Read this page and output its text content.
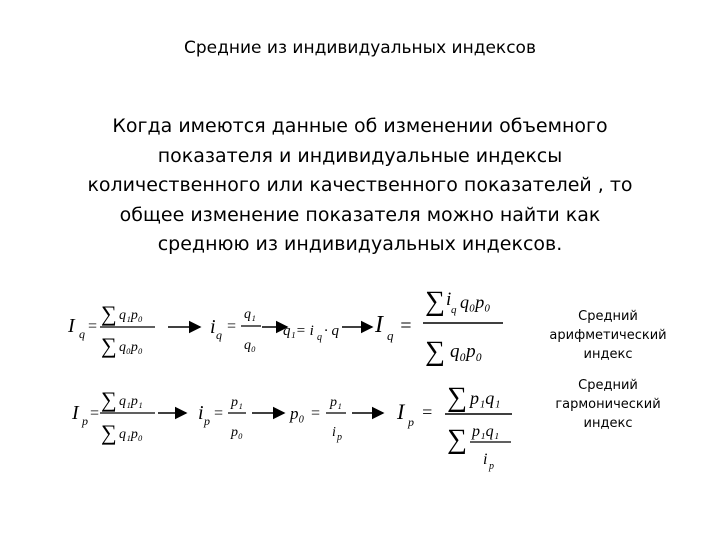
Средние из индивидуальных индексов
Когда имеются данные об изменении объемного
показателя и индивидуальные индексы
количественного или качественного показателей , то
общее изменение показателя можно найти как
среднюю из индивидуальных индексов.
I q =
∑ q₁p₀
∑ q₀p₀
i q =
q₁
q₀
q₁= i q · q I q =
∑ i q q₀p₀
∑ q₀p₀
I p =
∑ q₁p₁
∑ q₁p₀
i p =
p₁
p₀
p₀ =
p₁
i p
I p = ∑ p₁q₁
∑ p₁q₁
i p
Средний
арифметический
индекс
Средний
гармонический
индекс
